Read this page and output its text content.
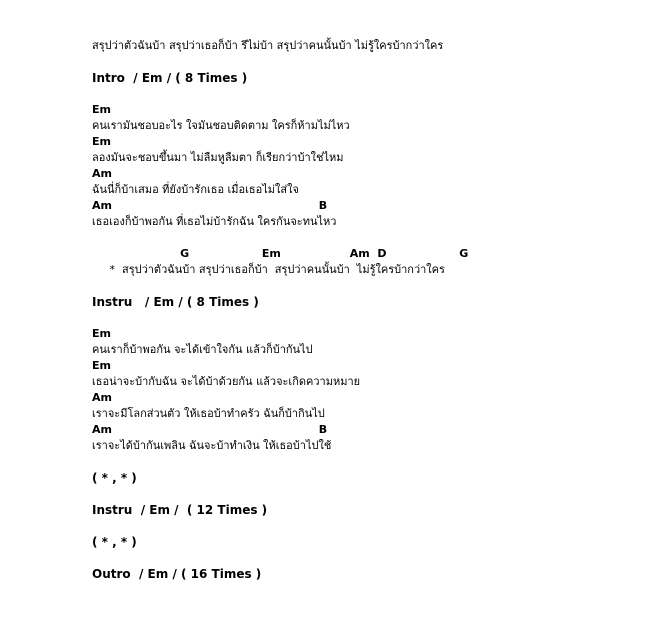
สรุปว่าตัวฉันบ้า สรุปว่าเธอก็บ้า รึไม่บ้า สรุปว่าคนนั้นบ้า ไม่รู้ใครบ้ากว่าใคร
Intro  / Em / ( 8 Times )
Em
คนเรามันชอบอะไร ใจมันชอบติดตาม ใครก็ห้ามไม่ไหว
Em
ลองมันจะชอบขึ้นมา ไม่ลืมหูลืมตา ก็เรียกว่าบ้าใช่ไหม
Am
ฉันนี่ก็บ้าเสมอ ที่ยังบ้ารักเธอ เมื่อเธอไม่ใส่ใจ
Am                                                      B
เธอเองก็บ้าพอกัน ที่เธอไม่บ้ารักฉัน ใครกันจะทนไหว
G                   Em                  Am  D                   G
*  สรุปว่าตัวฉันบ้า สรุปว่าเธอก็บ้า  สรุปว่าคนนั้นบ้า  ไม่รู้ใครบ้ากว่าใคร
Instru   / Em / ( 8 Times )
Em
คนเราก็บ้าพอกัน จะได้เข้าใจกัน แล้วก็บ้ากันไป
Em
เธอน่าจะบ้ากับฉัน จะได้บ้าด้วยกัน แล้วจะเกิดความหมาย
Am
เราจะมีโลกส่วนตัว ให้เธอบ้าทำครัว ฉันก็บ้ากินไป
Am                                                      B
เราจะได้บ้ากันเพลิน ฉันจะบ้าทำเงิน ให้เธอบ้าไปใช้
( * , * )
Instru  / Em /  ( 12 Times )
( * , * )
Outro  / Em / ( 16 Times )
